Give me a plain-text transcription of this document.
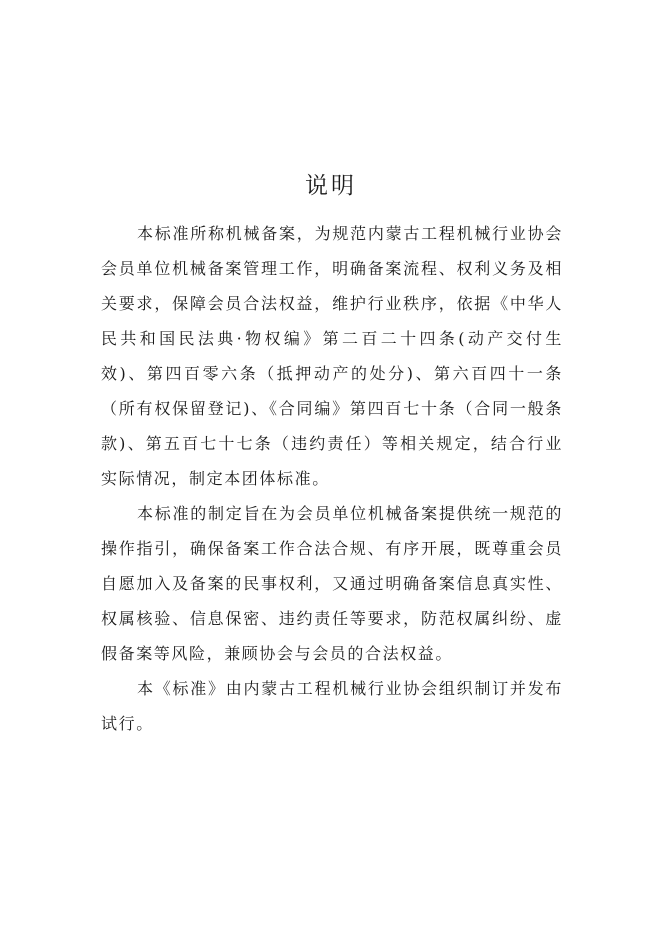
说明

本标准所称机械备案，为规范内蒙古工程机械行业协会会员单位机械备案管理工作，明确备案流程、权利义务及相关要求，保障会员合法权益，维护行业秩序，依据《中华人民共和国民法典·物权编》第二百二十四条(动产交付生效)、第四百零六条（抵押动产的处分)、第六百四十一条（所有权保留登记)、《合同编》第四百七十条（合同一般条款)、第五百七十七条（违约责任）等相关规定，结合行业实际情况，制定本团体标准。

本标准的制定旨在为会员单位机械备案提供统一规范的操作指引，确保备案工作合法合规、有序开展，既尊重会员自愿加入及备案的民事权利，又通过明确备案信息真实性、权属核验、信息保密、违约责任等要求，防范权属纠纷、虚假备案等风险，兼顾协会与会员的合法权益。

本《标准》由内蒙古工程机械行业协会组织制订并发布试行。
